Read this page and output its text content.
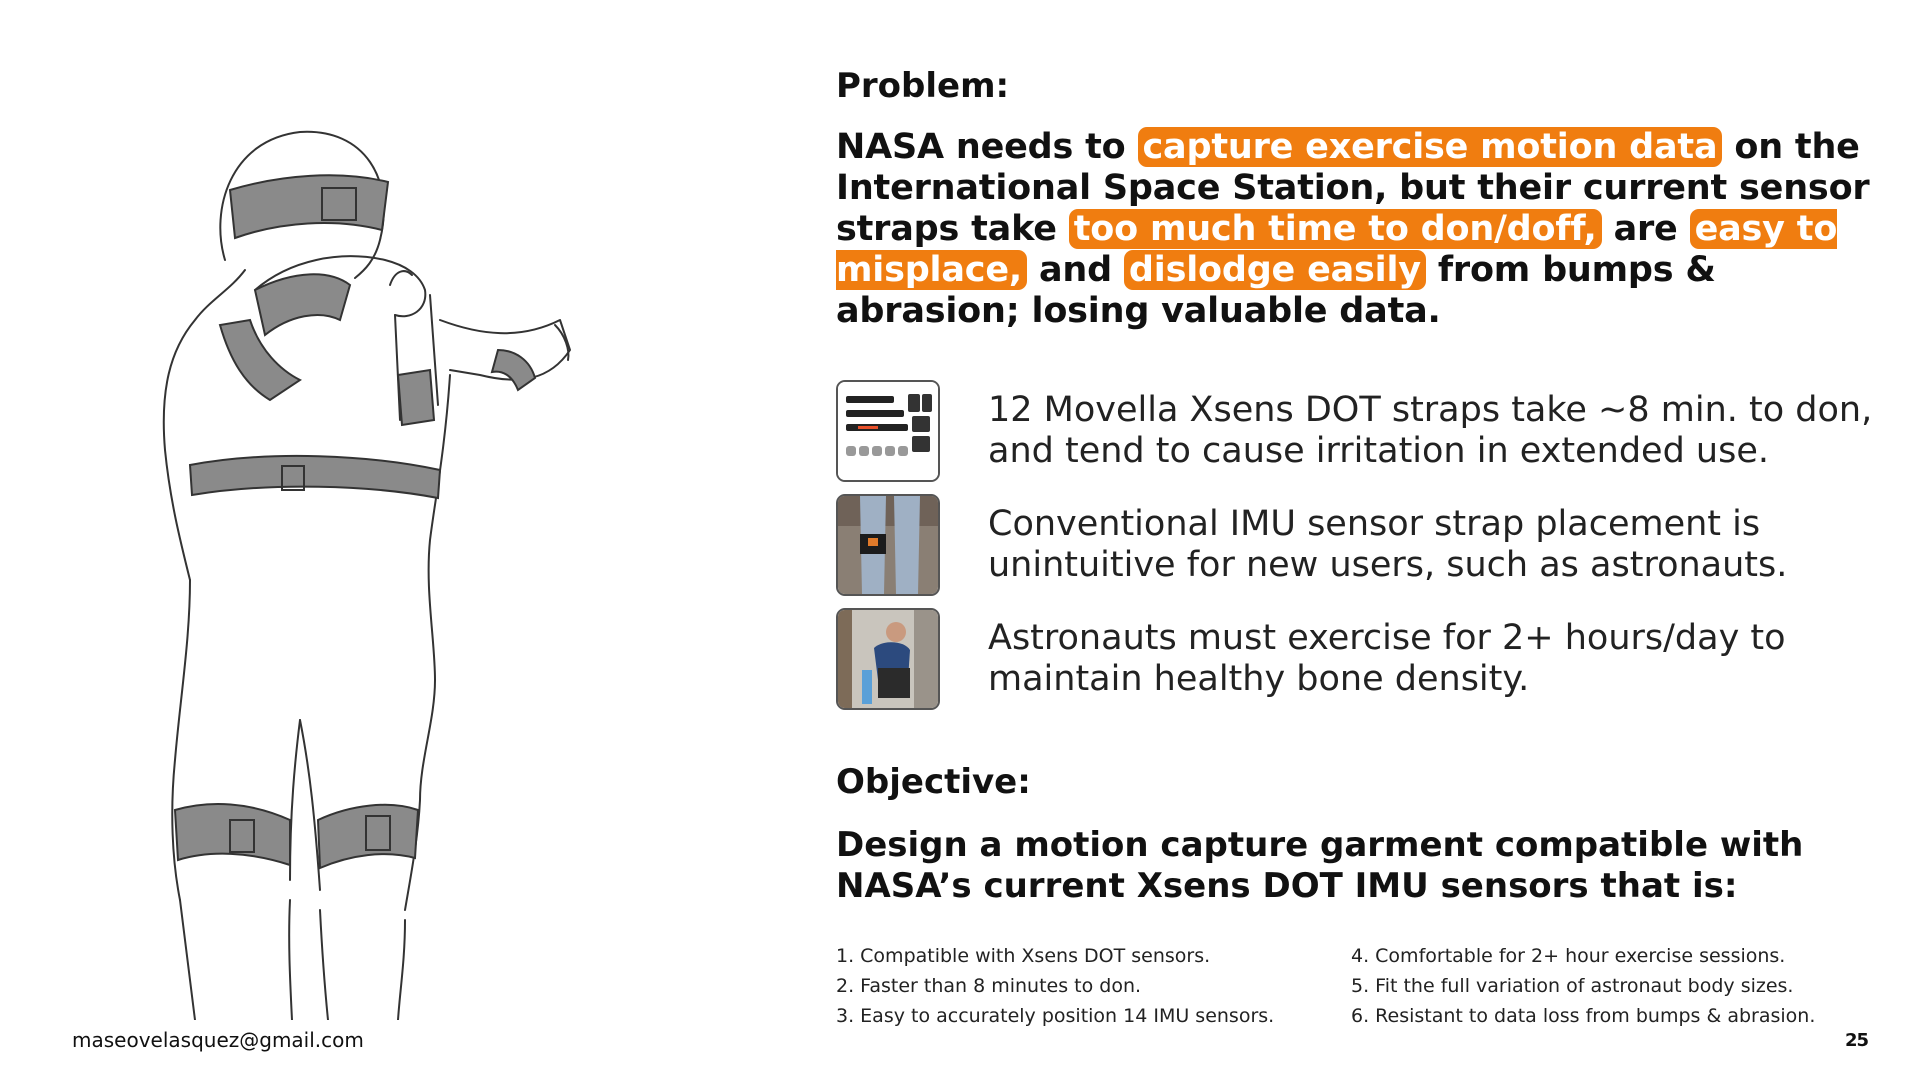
Problem:

NASA needs to capture exercise motion data on the International Space Station, but their current sensor straps take too much time to don/doff, are easy to misplace, and dislodge easily from bumps & abrasion; losing valuable data.

12 Movella Xsens DOT straps take ~8 min. to don, and tend to cause irritation in extended use.
Conventional IMU sensor strap placement is unintuitive for new users, such as astronauts.
Astronauts must exercise for 2+ hours/day to maintain healthy bone density.
Objective:

Design a motion capture garment compatible with NASA’s current Xsens DOT IMU sensors that is:

1. Compatible with Xsens DOT sensors.	4. Comfortable for 2+ hour exercise sessions.
2. Faster than 8 minutes to don.	5. Fit the full variation of astronaut body sizes.
3. Easy to accurately position 14 IMU sensors.	6. Resistant to data loss from bumps & abrasion.
maseovelasquez@gmail.com	25
